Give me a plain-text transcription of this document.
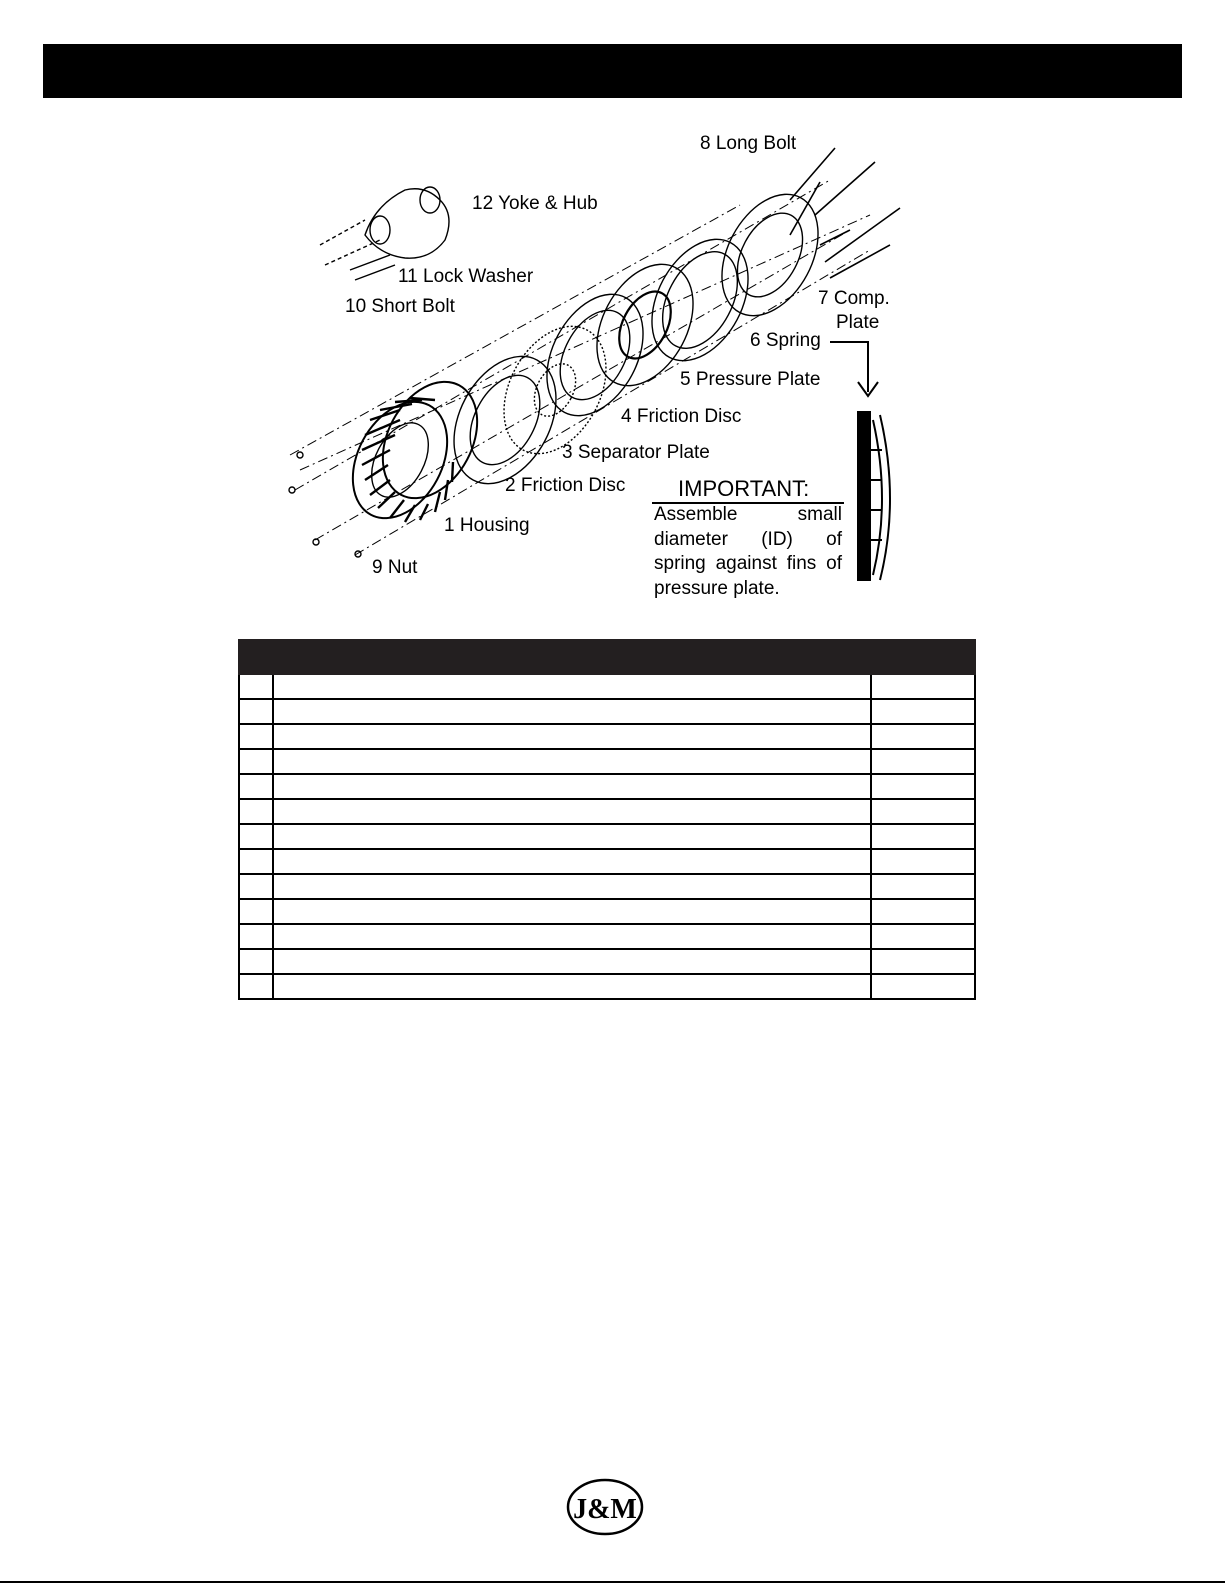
8 Long Bolt
12 Yoke & Hub
11 Lock Washer
10 Short Bolt	7 Comp.
Plate
6 Spring
5 Pressure Plate
4 Friction Disc
3 Separator Plate
2 Friction Disc
1 Housing
9 Nut
IMPORTANT:
Assemble small diameter (ID) of spring against fins of pressure plate.

J&M
